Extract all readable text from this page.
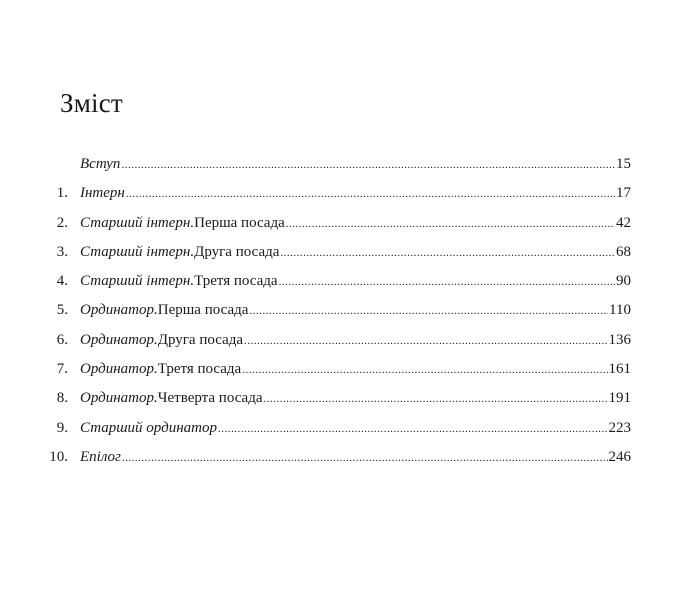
Зміст
Вступ .....	15
1. Інтерн .....	17
2. Старший інтерн. Перша посада .....	42
3. Старший інтерн. Друга посада .....	68
4. Старший інтерн. Третя посада .....	90
5. Ординатор. Перша посада .....	110
6. Ординатор. Друга посада .....	136
7. Ординатор. Третя посада .....	161
8. Ординатор. Четверта посада .....	191
9. Старший ординатор .....	223
10. Епілог .....	246
